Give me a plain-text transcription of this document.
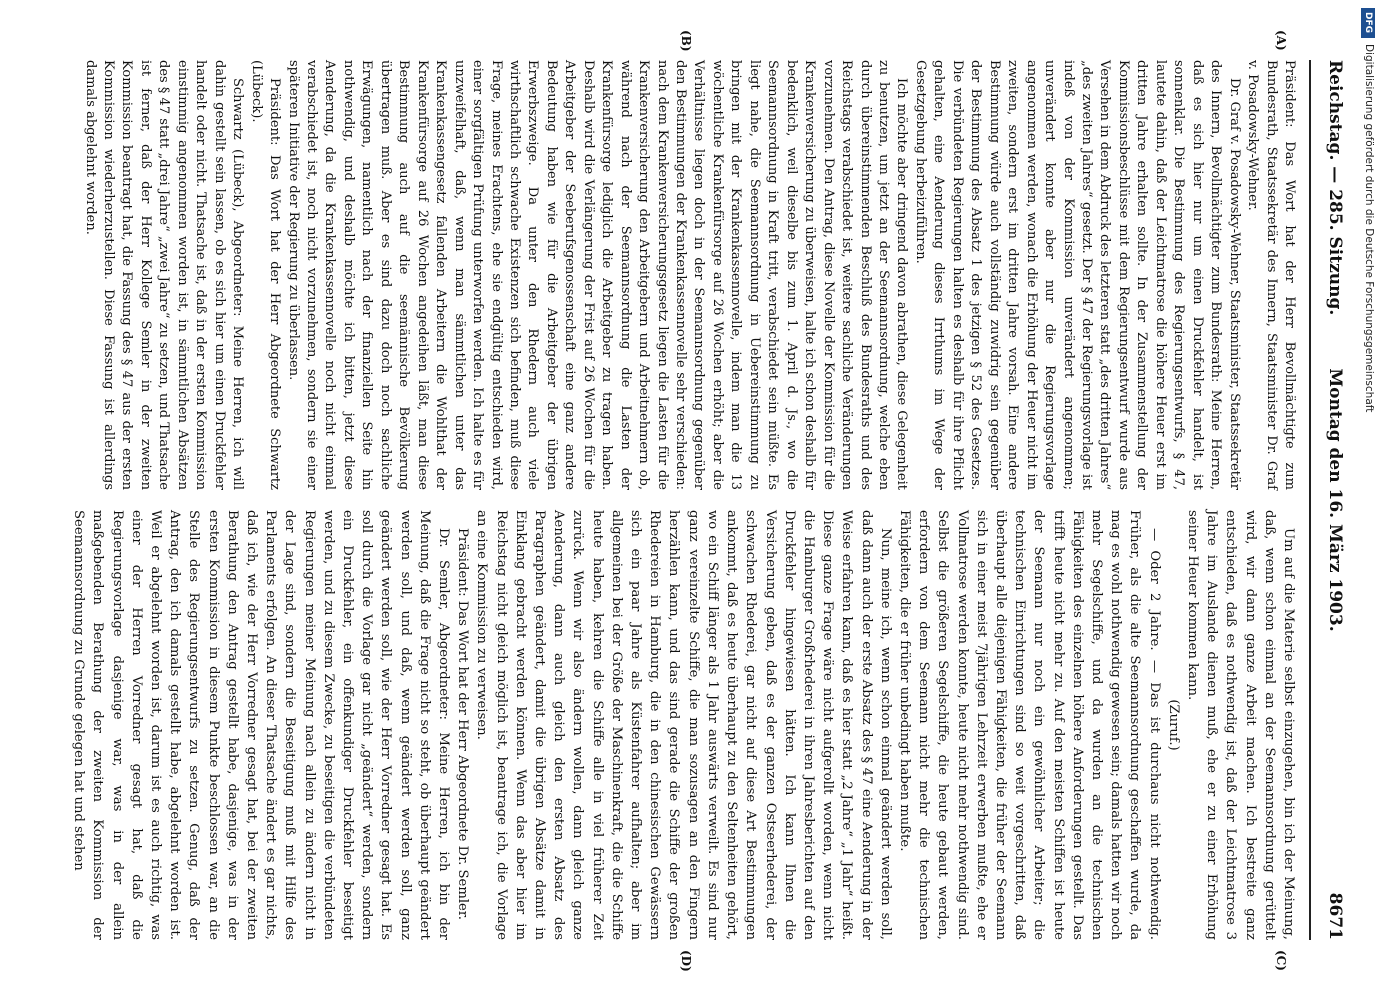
Reichstag. — 285. Sitzung.
Montag den 16. März 1903.
8671
(A)
(B)
(C)
(D)

Präsident: Das Wort hat der Herr Bevollmächtigte zum Bundesrath, Staatssekretär des Innern, Staatsminister Dr. Graf v. Posadowsky-Wehner.

Dr. Graf v. Posadowsky-Wehner, Staatsminister, Staatssekretär des Innern, Bevollmächtigter zum Bundesrath: Meine Herren, daß es sich hier nur um einen Druckfehler handelt, ist sonnenklar. Die Bestimmung des Regierungsentwurfs, § 47, lautete dahin, daß der Leichtmatrose die höhere Heuer erst im dritten Jahre erhalten sollte. In der Zusammenstellung der Kommissionsbeschlüsse mit dem Regierungsentwurf wurde aus Versehen in dem Abdruck des letzteren statt „des dritten Jahres“ „des zweiten Jahres“ gesetzt. Der § 47 der Regierungsvorlage ist indeß von der Kommission unverändert angenommen; unverändert konnte aber nur die Regierungsvorlage angenommen werden, wonach die Erhöhung der Heuer nicht im zweiten, sondern erst im dritten Jahre vorsah. Eine andere Bestimmung würde auch vollständig zuwidrig sein gegenüber der Bestimmung des Absatz 1 des jetzigen § 52 des Gesetzes. Die verbündeten Regierungen halten es deshalb für ihre Pflicht gehalten, eine Aenderung dieses Irrthums im Wege der Gesetzgebung herbeizuführen.

Ich möchte aber dringend davon abrathen, diese Gelegenheit zu benutzen, um jetzt an der Seemannsordnung, welche eben durch übereinstimmenden Beschluß des Bundesraths und des Reichstags verabschiedet ist, weitere sachliche Veränderungen vorzunehmen. Den Antrag, diese Novelle der Kommission für die Krankenversicherung zu überweisen, halte ich schon deshalb für bedenklich, weil dieselbe bis zum 1. April d. Js., wo die Seemannsordnung in Kraft tritt, verabschiedet sein müßte. Es liegt nahe, die Seemannsordnung in Uebereinstimmung zu bringen mit der Krankenkassennovelle, indem man die 13 wöchentliche Krankenfürsorge auf 26 Wochen erhöht; aber die Verhältnisse liegen doch in der Seemannsordnung gegenüber den Bestimmungen der Krankenkassennovelle sehr verschieden: nach dem Krankenversicherungsgesetz liegen die Lasten für die Krankenversicherung den Arbeitgebern und Arbeitnehmern ob, während nach der Seemannsordnung die Lasten der Krankenfürsorge lediglich die Arbeitgeber zu tragen haben. Deshalb wird die Verlängerung der Frist auf 26 Wochen für die Arbeitgeber der Seeberufsgenossenschaft eine ganz andere Bedeutung haben wie für die Arbeitgeber der übrigen Erwerbszweige. Da unter den Rhedern auch viele wirthschaftlich schwache Existenzen sich befinden, muß diese Frage, meines Erachtens, ehe sie endgültig entschieden wird, einer sorgfältigen Prüfung unterworfen werden. Ich halte es für unzweifelhaft, daß, wenn man sämmtlichen unter das Krankenkassengesetz fallenden Arbeitern die Wohlthat der Krankenfürsorge auf 26 Wochen angedeihen läßt, man diese Bestimmung auch auf die seemännische Bevölkerung übertragen muß. Aber es sind dazu doch noch sachliche Erwägungen, namentlich nach der finanziellen Seite hin nothwendig, und deshalb möchte ich bitten, jetzt diese Aenderung, da die Krankenkassennovelle noch nicht einmal verabschiedet ist, noch nicht vorzunehmen, sondern sie einer späteren Initiative der Regierung zu überlassen.

Präsident: Das Wort hat der Herr Abgeordnete Schwartz (Lübeck).

Schwartz (Lübeck), Abgeordneter: Meine Herren, ich will dahin gestellt sein lassen, ob es sich hier um einen Druckfehler handelt oder nicht. Thatsache ist, daß in der ersten Kommission einstimmig angenommen worden ist, in sämmtlichen Absätzen des § 47 statt „drei Jahre“ „zwei Jahre“ zu setzen, und Thatsache ist ferner, daß der Herr Kollege Semler in der zweiten Kommission beantragt hat, die Fassung des § 47 aus der ersten Kommission wiederherzustellen. Diese Fassung ist allerdings damals abgelehnt worden.

Um auf die Materie selbst einzugehen, bin ich der Meinung, daß, wenn schon einmal an der Seemannsordnung gerüttelt wird, wir dann ganze Arbeit machen. Ich bestreite ganz entschieden, daß es nothwendig ist, daß der Leichtmatrose 3 Jahre im Auslande dienen muß, ehe er zu einer Erhöhung seiner Heuer kommen kann.

(Zuruf.)

— Oder 2 Jahre. — Das ist durchaus nicht nothwendig. Früher, als die alte Seemannsordnung geschaffen wurde, da mag es wohl nothwendig gewesen sein; damals hatten wir noch mehr Segelschiffe, und da wurden an die technischen Fähigkeiten des einzelnen höhere Anforderungen gestellt. Das trifft heute nicht mehr zu. Auf den meisten Schiffen ist heute der Seemann nur noch ein gewöhnlicher Arbeiter; die technischen Einrichtungen sind so weit vorgeschritten, daß überhaupt alle diejenigen Fähigkeiten, die früher der Seemann sich in einer meist 7jährigen Lehrzeit erwerben mußte, ehe er Vollmatrose werden konnte, heute nicht mehr nothwendig sind. Selbst die größeren Segelschiffe, die heute gebaut werden, erfordern von dem Seemann nicht mehr die technischen Fähigkeiten, die er früher unbedingt haben mußte.

Nun, meine ich, wenn schon einmal geändert werden soll, daß dann auch der erste Absatz des § 47 eine Aenderung in der Weise erfahren kann, daß es hier statt „2 Jahre“ „1 Jahr“ heißt. Diese ganze Frage wäre nicht aufgerollt worden, wenn nicht die Hamburger Großrhederei in ihren Jahresberichten auf den Druckfehler hingewiesen hätten. Ich kann Ihnen die Versicherung geben, daß es der ganzen Ostseerhederei, der schwachen Rhederei, gar nicht auf diese Art Bestimmungen ankommt, daß es heute überhaupt zu den Seltenheiten gehört, wo ein Schiff länger als 1 Jahr auswärts verweilt. Es sind nur ganz vereinzelte Schiffe, die man sozusagen an den Fingern herzählen kann, und das sind gerade die Schiffe der großen Rhedereien in Hamburg, die in den chinesischen Gewässern sich ein paar Jahre als Küstenfahrer aufhalten; aber im allgemeinen bei der Größe der Maschinenkraft, die die Schiffe heute haben, kehren die Schiffe alle in viel früherer Zeit zurück. Wenn wir also ändern wollen, dann gleich ganze Aenderung, dann auch gleich den ersten Absatz des Paragraphen geändert, damit die übrigen Absätze damit in Einklang gebracht werden können. Wenn das aber hier im Reichstag nicht gleich möglich ist, beantrage ich, die Vorlage an eine Kommission zu verweisen.

Präsident: Das Wort hat der Herr Abgeordnete Dr. Semler.

Dr. Semler, Abgeordneter: Meine Herren, ich bin der Meinung, daß die Frage nicht so steht, ob überhaupt geändert werden soll, und daß, wenn geändert werden soll, ganz geändert werden soll, wie der Herr Vorredner gesagt hat. Es soll durch die Vorlage gar nicht „geändert“ werden, sondern ein Druckfehler, ein offenkundiger Druckfehler beseitigt werden, und zu diesem Zwecke, zu beseitigen die verbündeten Regierungen meiner Meinung nach allein zu ändern nicht in der Lage sind, sondern die Beseitigung muß mit Hilfe des Parlaments erfolgen. An dieser Thatsache ändert es gar nichts, daß ich, wie der Herr Vorredner gesagt hat, bei der zweiten Berathung den Antrag gestellt habe, dasjenige, was in der ersten Kommission in diesem Punkte beschlossen war, an die Stelle des Regierungsentwurfs zu setzen. Genug, daß der Antrag, den ich damals gestellt habe, abgelehnt worden ist. Weil er abgelehnt worden ist, darum ist es auch richtig, was einer der Herren Vorredner gesagt hat, daß die Regierungsvorlage dasjenige war, was in der allein maßgebenden Berathung der zweiten Kommission der Seemannsordnung zu Grunde gelegen hat und stehen

DFG
Digitalisierung gefördert durch die Deutsche Forschungsgemeinschaft
